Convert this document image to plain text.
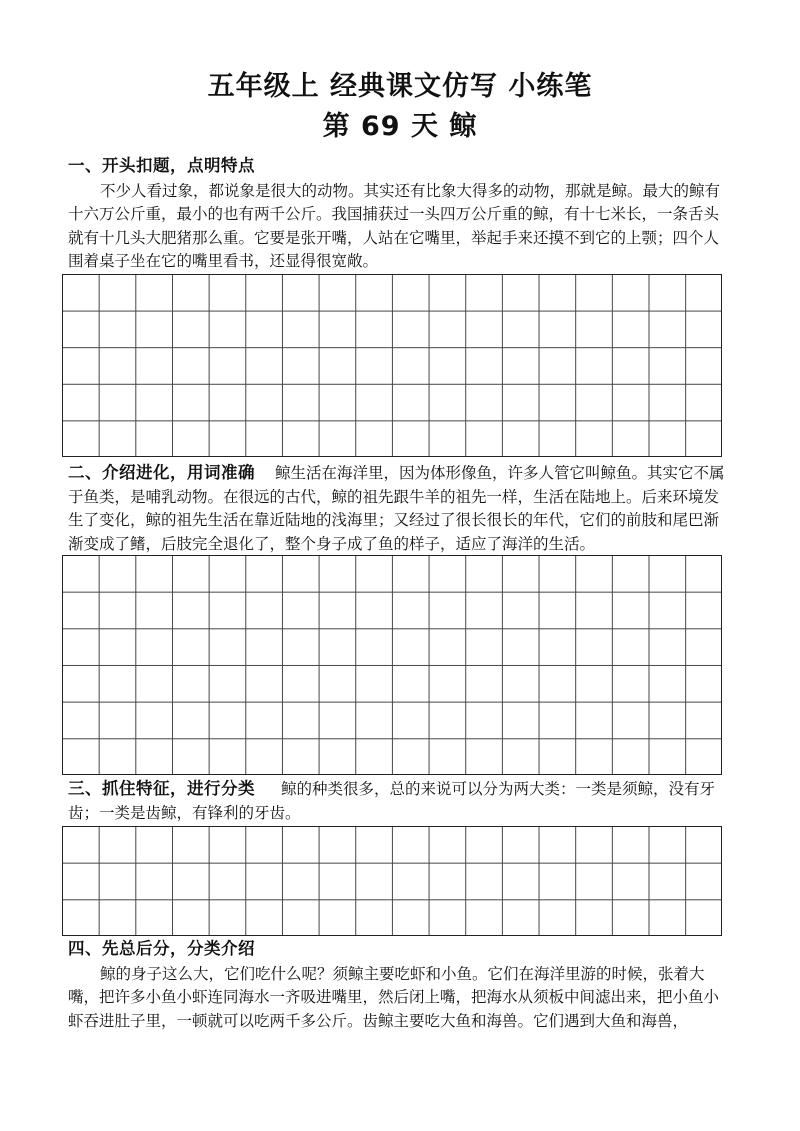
五年级上 经典课文仿写 小练笔
第 69 天 鲸
一、开头扣题，点明特点

不少人看过象，都说象是很大的动物。其实还有比象大得多的动物，那就是鲸。最大的鲸有十六万公斤重，最小的也有两千公斤。我国捕获过一头四万公斤重的鲸，有十七米长，一条舌头就有十几头大肥猪那么重。它要是张开嘴，人站在它嘴里，举起手来还摸不到它的上颚；四个人围着桌子坐在它的嘴里看书，还显得很宽敞。

二、介绍进化，用词准确 鲸生活在海洋里，因为体形像鱼，许多人管它叫鲸鱼。其实它不属于鱼类，是哺乳动物。在很远的古代，鲸的祖先跟牛羊的祖先一样，生活在陆地上。后来环境发生了变化，鲸的祖先生活在靠近陆地的浅海里；又经过了很长很长的年代，它们的前肢和尾巴渐渐变成了鳍，后肢完全退化了，整个身子成了鱼的样子，适应了海洋的生活。

三、抓住特征，进行分类 鲸的种类很多，总的来说可以分为两大类：一类是须鲸，没有牙齿；一类是齿鲸，有锋利的牙齿。

四、先总后分，分类介绍

鲸的身子这么大，它们吃什么呢？须鲸主要吃虾和小鱼。它们在海洋里游的时候，张着大嘴，把许多小鱼小虾连同海水一齐吸进嘴里，然后闭上嘴，把海水从须板中间滤出来，把小鱼小虾吞进肚子里，一顿就可以吃两千多公斤。齿鲸主要吃大鱼和海兽。它们遇到大鱼和海兽，
